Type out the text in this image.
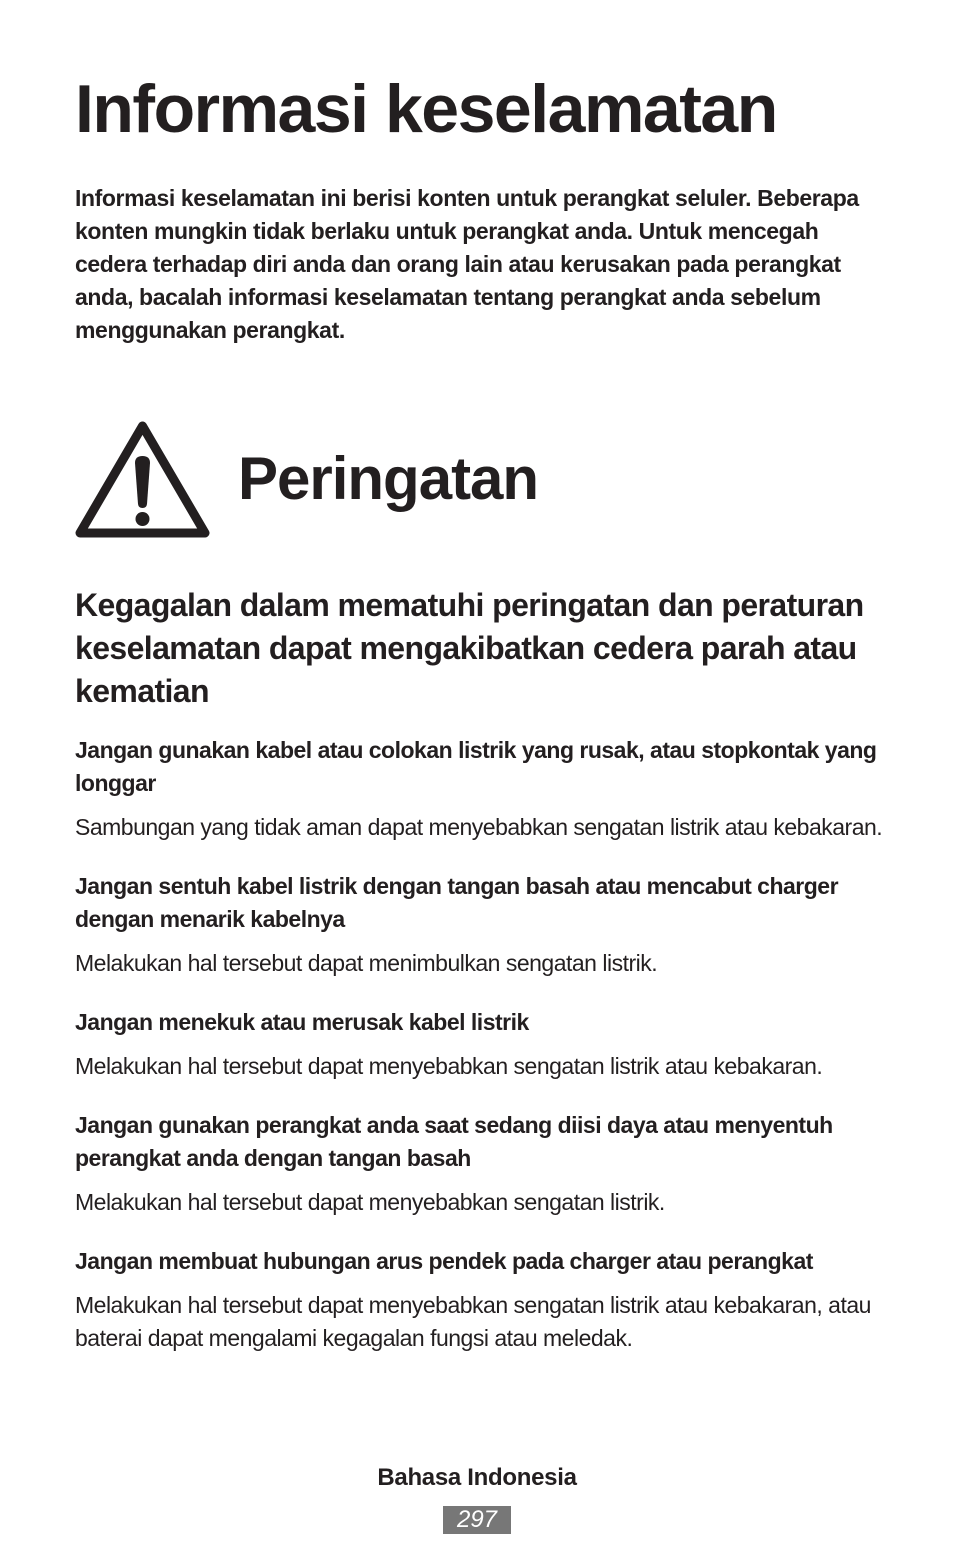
Informasi keselamatan

Informasi keselamatan ini berisi konten untuk perangkat seluler. Beberapa konten mungkin tidak berlaku untuk perangkat anda. Untuk mencegah cedera terhadap diri anda dan orang lain atau kerusakan pada perangkat anda, bacalah informasi keselamatan tentang perangkat anda sebelum menggunakan perangkat.

Peringatan
Kegagalan dalam mematuhi peringatan dan peraturan keselamatan dapat mengakibatkan cedera parah atau kematian

Jangan gunakan kabel atau colokan listrik yang rusak, atau stopkontak yang longgar

Sambungan yang tidak aman dapat menyebabkan sengatan listrik atau kebakaran.

Jangan sentuh kabel listrik dengan tangan basah atau mencabut charger dengan menarik kabelnya

Melakukan hal tersebut dapat menimbulkan sengatan listrik.

Jangan menekuk atau merusak kabel listrik

Melakukan hal tersebut dapat menyebabkan sengatan listrik atau kebakaran.

Jangan gunakan perangkat anda saat sedang diisi daya atau menyentuh perangkat anda dengan tangan basah

Melakukan hal tersebut dapat menyebabkan sengatan listrik.

Jangan membuat hubungan arus pendek pada charger atau perangkat

Melakukan hal tersebut dapat menyebabkan sengatan listrik atau kebakaran, atau baterai dapat mengalami kegagalan fungsi atau meledak.

Bahasa Indonesia

297
